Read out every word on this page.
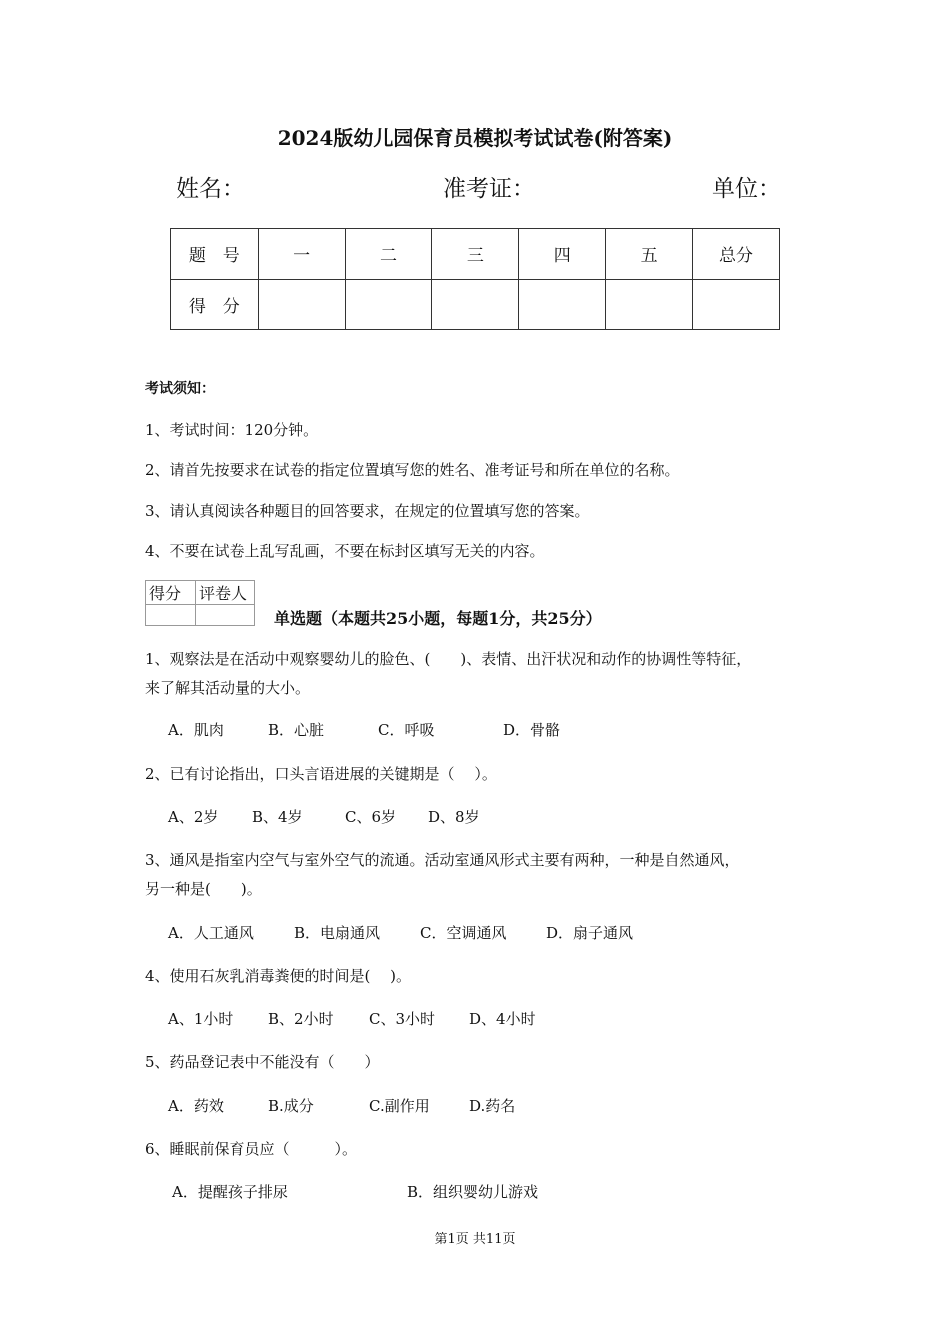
2024版幼儿园保育员模拟考试试卷(附答案)
姓名：	准考证：	单位：
题　号	一	二	三	四	五	总分
得　分						
考试须知：
1、考试时间：120分钟。
2、请首先按要求在试卷的指定位置填写您的姓名、准考证号和所在单位的名称。
3、请认真阅读各种题目的回答要求，在规定的位置填写您的答案。
4、不要在试卷上乱写乱画，不要在标封区填写无关的内容。
得分	评卷人

单选题（本题共25小题，每题1分，共25分）
1、观察法是在活动中观察婴幼儿的脸色、(　　)、表情、出汗状况和动作的协调性等特征，
来了解其活动量的大小。
A．肌肉	B．心脏	C．呼吸	D．骨骼
2、已有讨论指出，口头言语进展的关键期是（　 ）。
A、2岁 B、4岁	C、6岁 D、8岁
3、通风是指室内空气与室外空气的流通。活动室通风形式主要有两种，一种是自然通风，
另一种是(　　)。
A．人工通风	B．电扇通风	C．空调通风	D．扇子通风
4、使用石灰乳消毒粪便的时间是(　 )。
A、1小时 B、2小时 C、3小时 D、4小时
5、药品登记表中不能没有（　　）
A．药效	B.成分	C.副作用	D.药名
6、睡眠前保育员应（　　　）。
A．提醒孩子排尿	B．组织婴幼儿游戏
第1页 共11页
